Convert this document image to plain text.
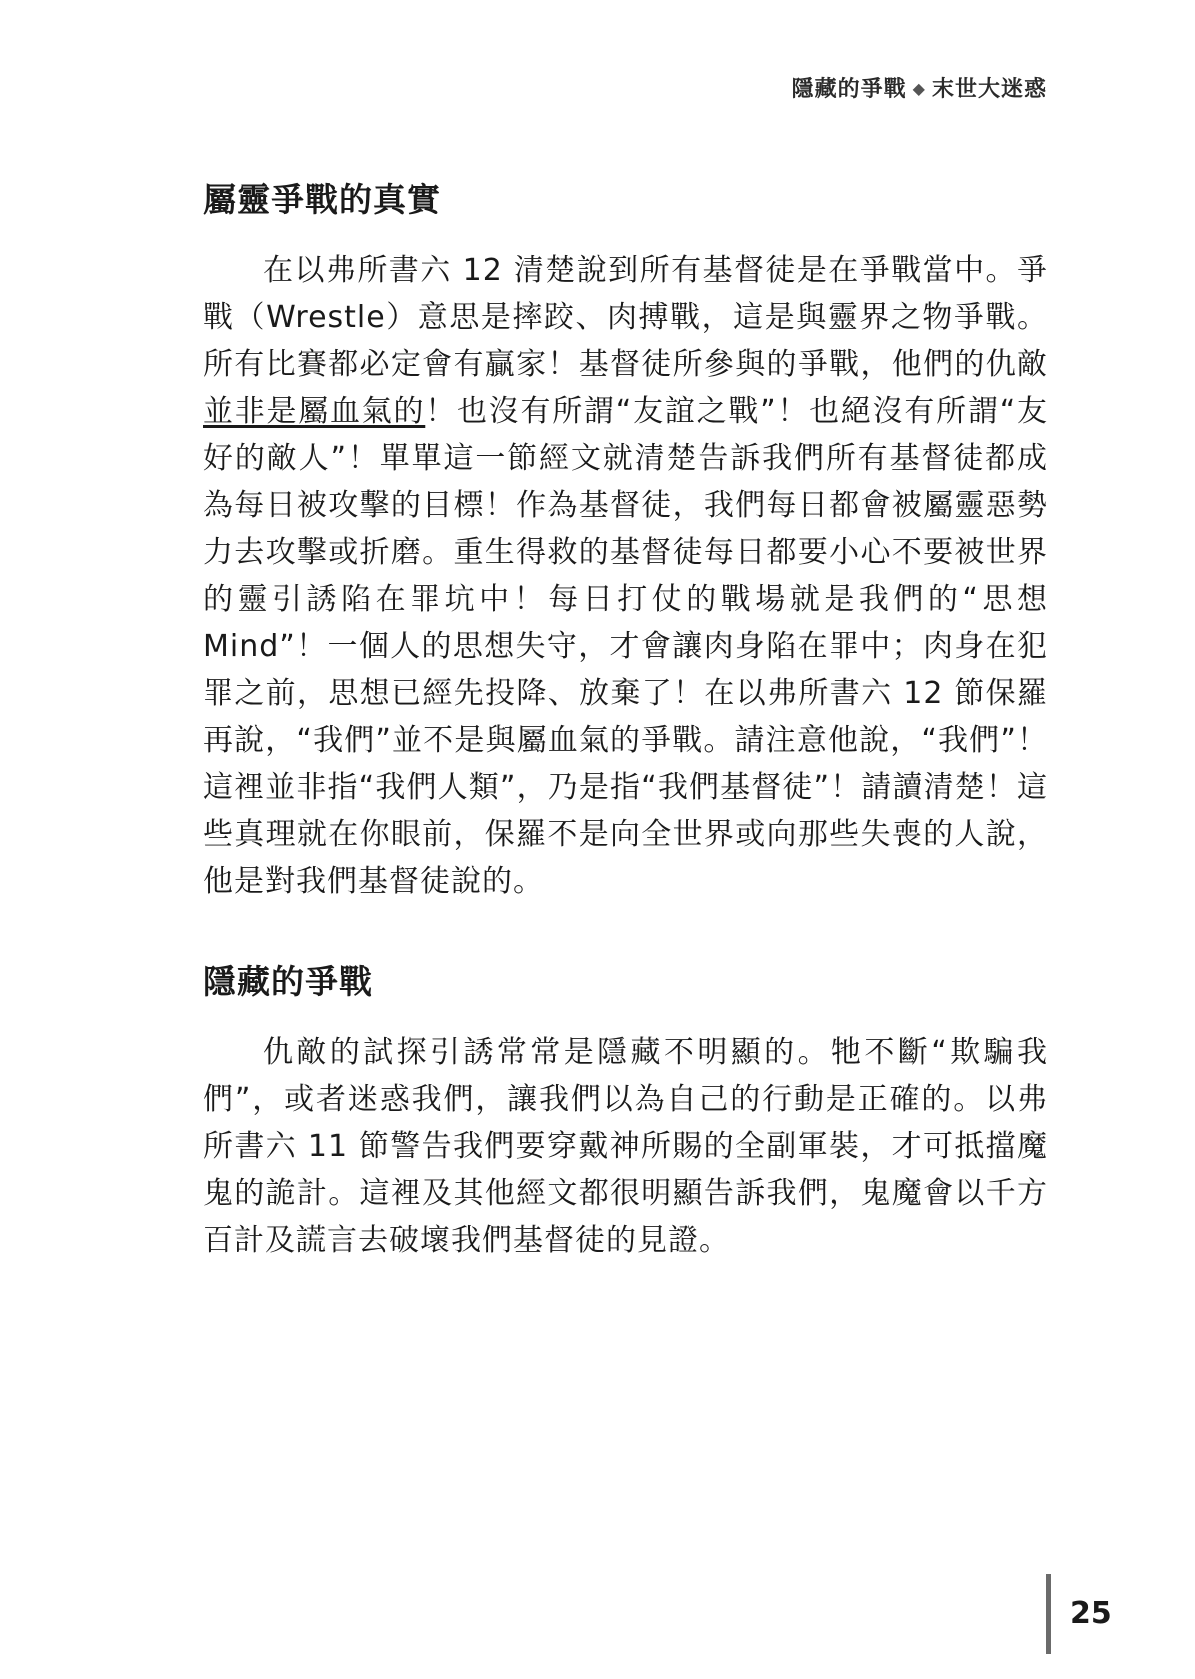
隱藏的爭戰 ◆ 末世大迷惑
屬靈爭戰的真實

在以弗所書六 12 清楚說到所有基督徒是在爭戰當中。爭戰（Wrestle）意思是摔跤、肉搏戰，這是與靈界之物爭戰。所有比賽都必定會有贏家！基督徒所參與的爭戰，他們的仇敵並非是屬血氣的！也沒有所謂“友誼之戰”！也絕沒有所謂“友好的敵人”！單單這一節經文就清楚告訴我們所有基督徒都成為每日被攻擊的目標！作為基督徒，我們每日都會被屬靈惡勢力去攻擊或折磨。重生得救的基督徒每日都要小心不要被世界的靈引誘陷在罪坑中！每日打仗的戰場就是我們的“思想 Mind”！一個人的思想失守，才會讓肉身陷在罪中；肉身在犯罪之前，思想已經先投降、放棄了！在以弗所書六 12 節保羅再說，“我們”並不是與屬血氣的爭戰。請注意他說，“我們”！這裡並非指“我們人類”，乃是指“我們基督徒”！請讀清楚！這些真理就在你眼前，保羅不是向全世界或向那些失喪的人說，他是對我們基督徒說的。

隱藏的爭戰

仇敵的試探引誘常常是隱藏不明顯的。牠不斷“欺騙我們”，或者迷惑我們，讓我們以為自己的行動是正確的。以弗所書六 11 節警告我們要穿戴神所賜的全副軍裝，才可抵擋魔鬼的詭計。這裡及其他經文都很明顯告訴我們，鬼魔會以千方百計及謊言去破壞我們基督徒的見證。

25
